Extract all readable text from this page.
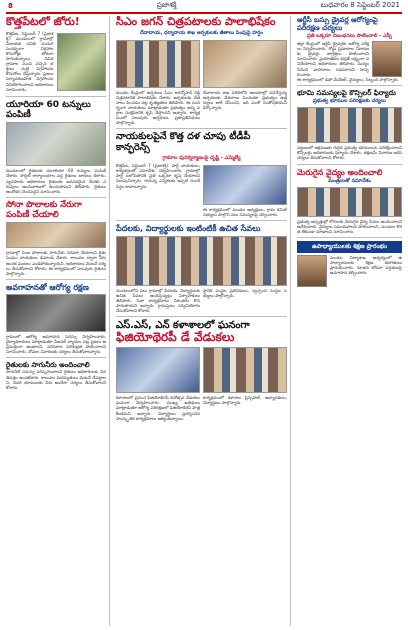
8	ప్రజాశక్తి	బుధవారం 8 సెప్టెంబర్ 2021
కొత్తపేటలో జోరు!
కొత్తపేట, సెప్టెంబర్ 7 (ప్రజాశక్తి): మండలంలో గ్రామాల్లో వినాయక చవితి పండుగ సందర్భంగా విగ్రహాల కొనుగోళ్లు జోరుగా సాగుతున్నాయి. వివిధ గ్రామాల నుంచి వచ్చిన భక్తులు మట్టి విగ్రహాలను కొనుగోలు చేస్తున్నారు. ప్రజలు పర్యావరణహిత విగ్రహాలను వినియోగించాలని అధికారులు సూచించారు.
యూరియా 60 టన్నులు పంపిణీ
మండలంలో రైతులకు యూరియా 60 టన్నులు పంపిణీ చేశారు. సొసైటీ కార్యాలయాల వద్ద రైతులు బారులు తీరారు. వ్యవసాయ అధికారులు రైతులకు అవసరమైన మేరకు ఎరువులు అందుబాటులో ఉంచుతామని తెలిపారు. రైతులు ఆందోళన చెందవద్దని సూచించారు.
సోనా పొలాలకు నేరుగా పంపిణీ చేయాలి
గ్రామాల్లో పంట పొలాలకు సాగునీరు సరఫరా చేయాలని రైతు సంఘం నాయకులు డిమాండ్ చేశారు. కాలువల ద్వారా నీరు అందక పంటలు ఎండిపోతున్నాయని, అధికారులు వెంటనే చర్యలు తీసుకోవాలని కోరారు. ఈ కార్యక్రమంలో పలువురు రైతులు పాల్గొన్నారు.
అవగాహనతో ఆరోగ్య రక్షణ
గ్రామంలో ఆరోగ్య అవగాహన సదస్సు నిర్వహించారు. వైద్యాధికారులు మాట్లాడుతూ సీజనల్ వ్యాధుల పట్ల ప్రజలు అప్రమత్తంగా ఉండాలని, పరిసరాల పరిశుభ్రత పాటించాలని సూచించారు. దోమల నివారణకు చర్యలు తీసుకోవాలన్నారు.
రైతులకు సాగునీరు అందించాలి
సాగునీటి సమస్య పరిష్కరించాలని రైతులు అధికారులకు వినతిపత్రం అందజేశారు. కాలువల మరమ్మతులు వెంటనే చేపట్టాలని, చివరి భూములకు నీరు అందేలా చర్యలు తీసుకోవాలని కోరారు.
సీఎం జగన్ చిత్రపటాలకు పాలాభిషేకం
దేవాదాయ, ధర్మాదాయ శాఖ అర్చకులకు జీతాలు పెంపుపై హర్షం
మండల కేంద్రంలో అర్చకులు సీఎం జగన్మోహన్ రెడ్డి చిత్రపటానికి పాలాభిషేకం చేశారు. అర్చకులకు వేతనాలు పెంచడం పట్ల కృతజ్ఞతలు తెలిపారు. ఈ సందర్భంగా నాయకులు మాట్లాడుతూ ప్రభుత్వం అన్ని వర్గాల సంక్షేమానికి కృషి చేస్తోందని అన్నారు. కార్యక్రమంలో పలువురు అర్చకులు, ప్రజాప్రతినిధులు పాల్గొన్నారు.
దేవాదాయ శాఖ పరిధిలోని ఆలయాల్లో పనిచేస్తున్న అర్చకులకు వేతనాలు పెంచుతూ ప్రభుత్వం ఉత్తర్వులు జారీ చేసిందని, ఇది ఎంతో సంతోషకరమని పేర్కొన్నారు.
నాయకులపైనే కొత్త దళ చూపు టీడీపీ కాన్ఫరెన్స్
గ్రామాల పునర్నిర్మాణంపై దృష్టి - ఎమ్మెల్యే
కొత్తపేట, సెప్టెంబర్ 7 (ప్రజాశక్తి): పార్టీ నాయకులు, కార్యకర్తలతో సమావేశం నిర్వహించారు. గ్రామాల్లో పార్టీ బలోపేతానికి ప్రతి ఒక్కరూ కృషి చేయాలని పిలుపునిచ్చారు. రానున్న ఎన్నికలకు ఇప్పటి నుంచే సిద్ధం కావాలన్నారు.
ఈ కార్యక్రమంలో మండల అధ్యక్షులు, గ్రామ కమిటీ సభ్యులు పాల్గొని పలు సమస్యలపై చర్చించారు.
పేదలకు, విద్యార్థులకు ఇంటింటికీ ఉచిత సేవలు
మండలంలోని పలు గ్రామాల్లో పేదలకు, విద్యార్థులకు ఉచిత సేవలు అందిస్తున్నట్లు నిర్వాహకులు తెలిపారు. సేవా కార్యక్రమాలు నిరంతరం కొనసాగుతాయని అన్నారు. గ్రామస్తులు సద్వినియోగం చేసుకోవాలని కోరారు.
స్థానిక సంస్థల ప్రతినిధులు, స్వచ్ఛంద సంస్థల సభ్యులు పాల్గొన్నారు.
ఎస్.ఎస్, ఎన్ కళాశాలలో ఘనంగా
ఫిజియోథెరపీ డే వేడుకలు
కళాశాలలో ప్రపంచ ఫిజియోథెరపీ దినోత్సవ వేడుకలు ఘనంగా నిర్వహించారు. ముఖ్య అతిథులు మాట్లాడుతూ ఆరోగ్య పరిరక్షణలో ఫిజియోథెరపీ పాత్ర కీలకమని అన్నారు. విద్యార్థులు ప్రదర్శించిన సాంస్కృతిక కార్యక్రమాలు ఆకట్టుకున్నాయి.
కార్యక్రమంలో కళాశాల ప్రిన్సిపాల్, అధ్యాపకులు, విద్యార్థులు పాల్గొన్నారు.
ఆర్టీసీ బస్సు డ్రైవర్ల ఆరోగ్యంపై పరిరక్షణ చర్యలు
ప్రతి ఒక్కరూ నిబంధనలు పాటించాలి - ఎస్పీ
జిల్లా కేంద్రంలో ఆర్టీసీ డ్రైవర్లకు ఆరోగ్య పరీక్షలు నిర్వహించారు. రోడ్డు ప్రమాదాల నివారణకు డ్రైవర్లు జాగ్రత్తలు పాటించాలని సూచించారు. ప్రయాణికుల భద్రతే లక్ష్యంగా పనిచేయాలని అధికారులు తెలిపారు. మద్యం సేవించి వాహనాలు నడపరాదని హెచ్చరించారు.
ఈ కార్యక్రమంలో డిపో మేనేజర్, వైద్యులు, సిబ్బంది పాల్గొన్నారు.
భూమి సమస్యలపై కౌన్సిలర్ ఫిర్యాదు
ప్రభుత్వ భూముల పరిరక్షణకు చర్యలు
పట్టణంలో ఆక్రమణకు గురైన ప్రభుత్వ భూములను పరిరక్షించాలని కౌన్సిలర్లు అధికారులకు ఫిర్యాదు చేశారు. తక్షణమే విచారణ జరిపి చర్యలు తీసుకోవాలని కోరారు.
మెరుగైన వైద్యం అందించాలి
మంత్రులతో సమావేశం
ప్రభుత్వ ఆస్పత్రుల్లో రోగులకు మెరుగైన వైద్య సేవలు అందించాలని ఆదేశించారు. వైద్యులు సమయపాలన పాటించాలని, మందుల కొరత లేకుండా చూడాలని సూచించారు.
ఉపాధ్యాయులకు శిక్షణ ప్రారంభం
మండల విద్యాశాఖ ఆధ్వర్యంలో ఉపాధ్యాయులకు శిక్షణ తరగతులు ప్రారంభించారు. నూతన బోధనా పద్ధతులపై అవగాహన కల్పించారు.
